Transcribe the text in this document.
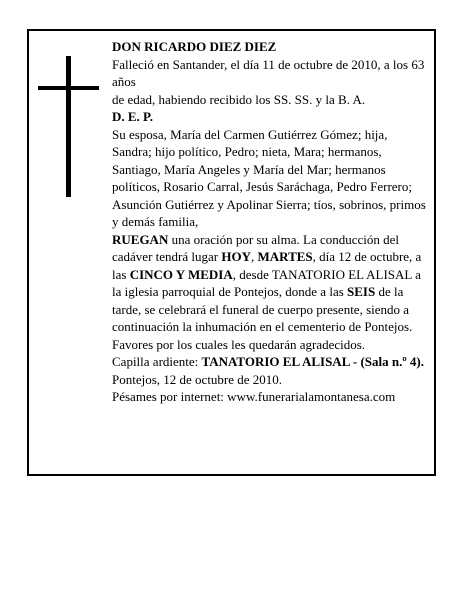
DON RICARDO DIEZ DIEZ

Falleció en Santander, el día 11 de octubre de 2010, a los 63 años

de edad, habiendo recibido los SS. SS. y la B. A.

D. E. P.

Su esposa, María del Carmen Gutiérrez Gómez; hija, Sandra; hijo político, Pedro; nieta, Mara; hermanos, Santiago, María Angeles y María del Mar; hermanos políticos, Rosario Carral, Jesús Saráchaga, Pedro Ferrero; Asunción Gutiérrez y Apolinar Sierra; tíos, sobrinos, primos y demás familia,

RUEGAN una oración por su alma. La conducción del cadáver tendrá lugar HOY, MARTES, día 12 de octubre, a las CINCO Y MEDIA, desde TANATORIO EL ALISAL a la iglesia parroquial de Pontejos, donde a las SEIS de la tarde, se celebrará el funeral de cuerpo presente, siendo a continuación la inhumación en el cementerio de Pontejos. Favores por los cuales les quedarán agradecidos.

Capilla ardiente: TANATORIO EL ALISAL - (Sala n.º 4).

Pontejos, 12 de octubre de 2010.

Pésames por internet: www.funerarialamontanesa.com
